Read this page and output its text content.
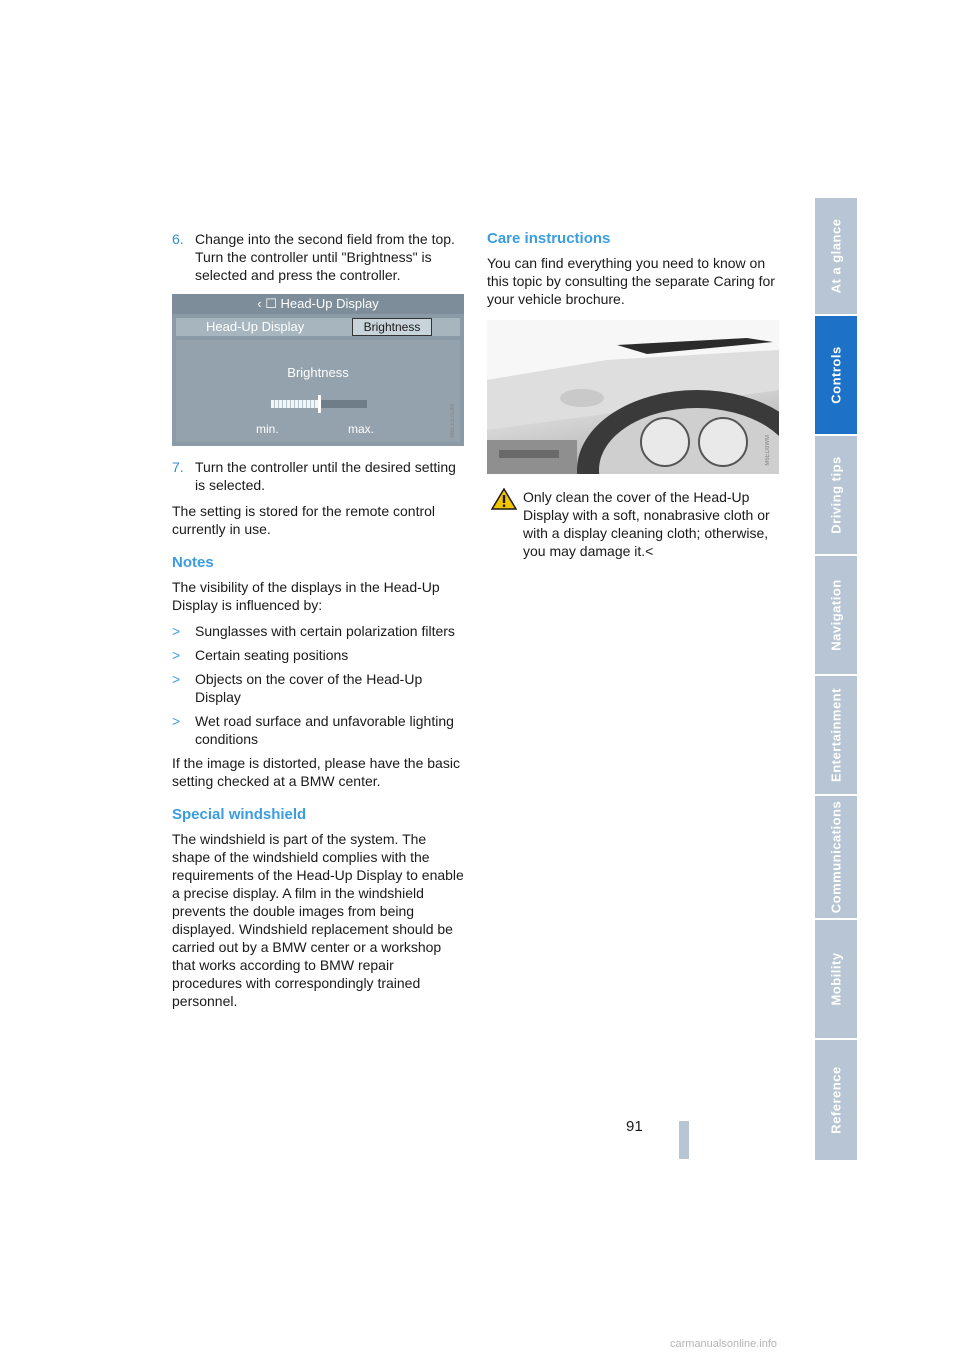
6. Change into the second field from the top. Turn the controller until "Brightness" is selected and press the controller.
‹ ☐ Head-Up Display
Head-Up Display	Brightness
Brightness
min.	max.	M6EEEAUM
7. Turn the controller until the desired setting is selected.

The setting is stored for the remote control currently in use.

Notes

The visibility of the displays in the Head-Up Display is influenced by:

> Sunglasses with certain polarization filters
> Certain seating positions
> Objects on the cover of the Head-Up Display
> Wet road surface and unfavorable lighting conditions

If the image is distorted, please have the basic setting checked at a BMW center.

Special windshield

The windshield is part of the system. The shape of the windshield complies with the requirements of the Head-Up Display to enable a precise display. A film in the windshield prevents the double images from being displayed. Windshield replacement should be carried out by a BMW center or a workshop that works according to BMW repair procedures with correspondingly trained personnel.

Care instructions

You can find everything you need to know on this topic by consulting the separate Caring for your vehicle brochure.

M6ED8WM

Only clean the cover of the Head-Up Display with a soft, nonabrasive cloth or with a display cleaning cloth; otherwise, you may damage it.<

At a glance
Controls
Driving tips
Navigation
Entertainment
Communications
Mobility
Reference
91
carmanualsonline.info
